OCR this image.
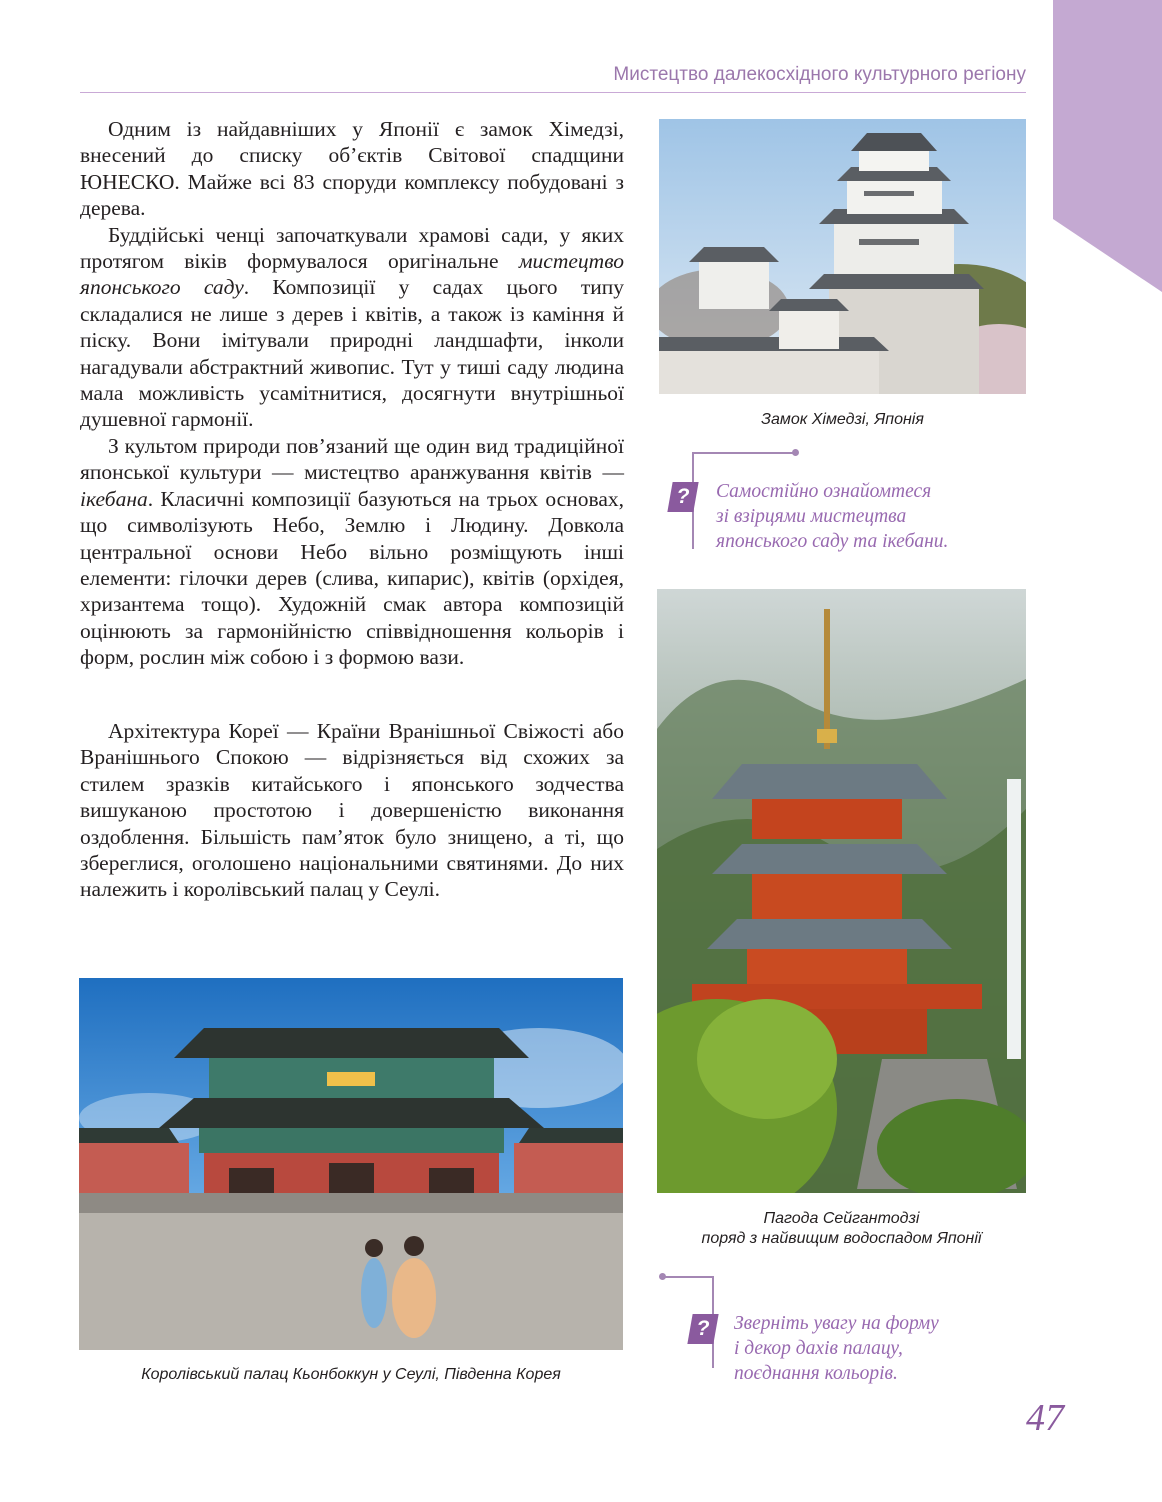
Мистецтво далекосхідного культурного регіону

Одним із найдавніших у Японії є замок Хімедзі, внесений до списку об’єктів Світової спадщини ЮНЕСКО. Майже всі 83 споруди комплексу побудовані з дерева.

Буддійські ченці започаткували храмові сади, у яких протягом віків формувалося оригінальне мистецтво японського саду. Композиції у садах цього типу складалися не лише з дерев і квітів, а також із каміння й піску. Вони імітували природні ландшафти, інколи нагадували абстрактний живопис. Тут у тиші саду людина мала можливість усамітнитися, досягнути внутрішньої душевної гармонії.

З культом природи пов’язаний ще один вид традиційної японської культури — мистецтво аранжування квітів — ікебана. Класичні композиції базуються на трьох основах, що символізують Небо, Землю і Людину. Довкола центральної основи Небо вільно розміщують інші елементи: гілочки дерев (слива, кипарис), квітів (орхідея, хризантема тощо). Художній смак автора композицій оцінюють за гармонійністю співвідношення кольорів і форм, рослин між собою і з формою вази.

Архітектура Кореї — Країни Вранішньої Свіжості або Вранішнього Спокою — відрізняється від схожих за стилем зразків китайського і японського зодчества вишуканою простотою і довершеністю виконання оздоблення. Більшість пам’яток було знищено, а ті, що збереглися, оголошено національними святинями. До них належить і королівський палац у Сеулі.

Замок Хімедзі, Японія

?	Самостійно ознайомтеся
зі взірцями мистецтва
японського саду та ікебани.

Пагода Сейгантодзі
поряд з найвищим водоспадом Японії

?	Зверніть увагу на форму
і декор дахів палацу,
поєднання кольорів.

Королівський палац Кьонбоккун у Сеулі, Південна Корея

47
